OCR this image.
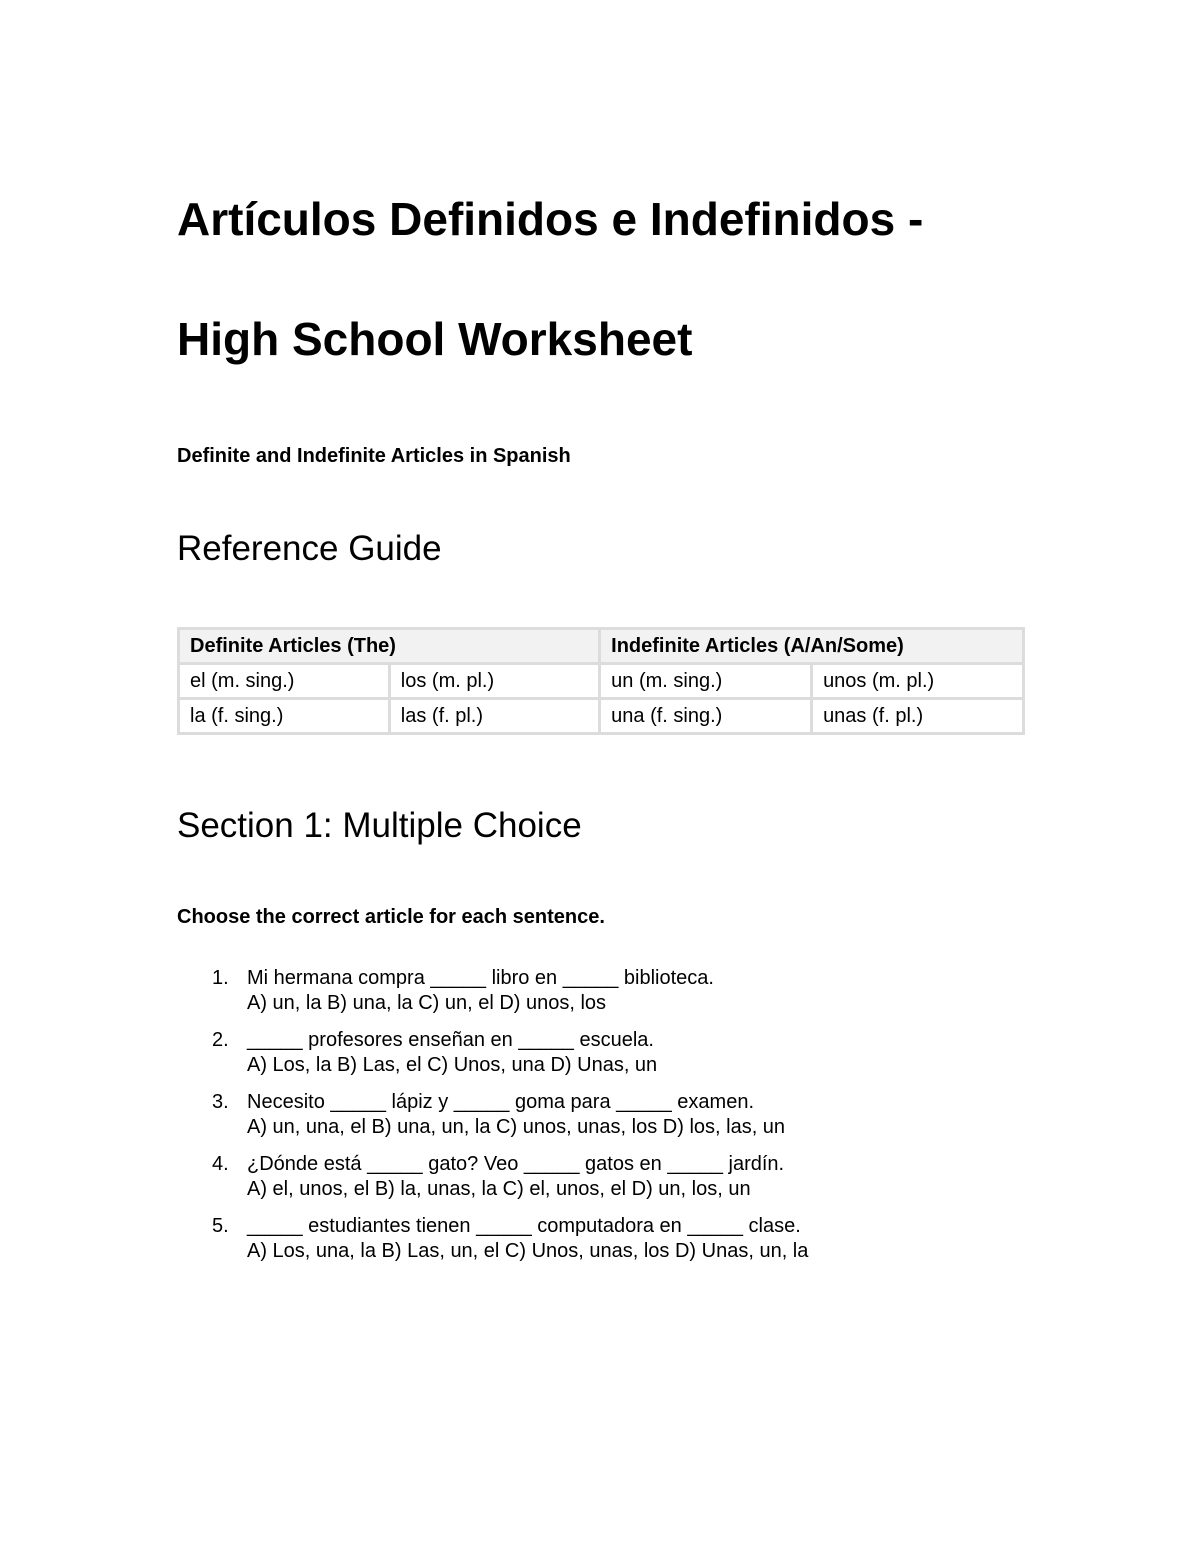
Artículos Definidos e Indefinidos -
High School Worksheet
Definite and Indefinite Articles in Spanish
Reference Guide
Definite Articles (The)		Indefinite Articles (A/An/Some)	
el (m. sing.)	los (m. pl.)	un (m. sing.)	unos (m. pl.)
la (f. sing.)	las (f. pl.)	una (f. sing.)	unas (f. pl.)
Section 1: Multiple Choice
Choose the correct article for each sentence.
1. Mi hermana compra _____ libro en _____ biblioteca.
A) un, la B) una, la C) un, el D) unos, los
2. _____ profesores enseñan en _____ escuela.
A) Los, la B) Las, el C) Unos, una D) Unas, un
3. Necesito _____ lápiz y _____ goma para _____ examen.
A) un, una, el B) una, un, la C) unos, unas, los D) los, las, un
4. ¿Dónde está _____ gato? Veo _____ gatos en _____ jardín.
A) el, unos, el B) la, unas, la C) el, unos, el D) un, los, un
5. _____ estudiantes tienen _____ computadora en _____ clase.
A) Los, una, la B) Las, un, el C) Unos, unas, los D) Unas, un, la
